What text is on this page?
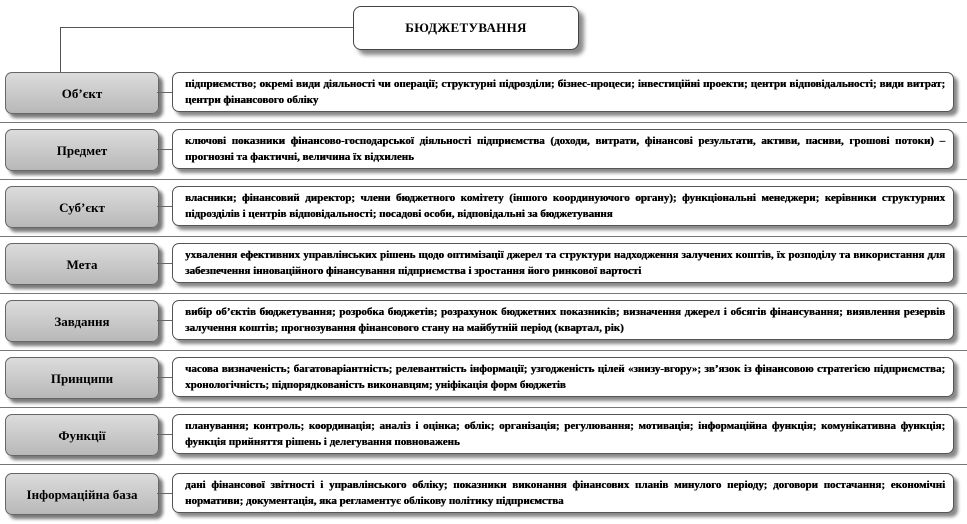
БЮДЖЕТУВАННЯ
Об’єкт
підприємство; окремі види діяльності чи операції; структурні підрозділи; бізнес-процеси; інвестиційні проекти; центри відповідальності; види витрат; центри фінансового обліку
Предмет
ключові показники фінансово-господарської діяльності підприємства (доходи, витрати, фінансові результати, активи, пасиви, грошові потоки) – прогнозні та фактичні, величина їх відхилень
Суб’єкт
власники; фінансовий директор; члени бюджетного комітету (іншого координуючого органу); функціональні менеджери; керівники структурних підрозділів і центрів відповідальності; посадові особи, відповідальні за бюджетування
Мета
ухвалення ефективних управлінських рішень щодо оптимізації джерел та структури надходження залучених коштів, їх розподілу та використання для забезпечення інноваційного фінансування підприємства і зростання його ринкової вартості
Завдання
вибір об’єктів бюджетування; розробка бюджетів; розрахунок бюджетних показників; визначення джерел і обсягів фінансування; виявлення резервів залучення коштів; прогнозування фінансового стану на майбутній період (квартал, рік)
Принципи
часова визначеність; багатоваріантність; релевантність інформації; узгодженість цілей «знизу-вгору»; зв’язок із фінансовою стратегією підприємства; хронологічність; підпорядкованість виконавцям; уніфікація форм бюджетів
Функції
планування; контроль; координація; аналіз і оцінка; облік; організація; регулювання; мотивація; інформаційна функція; комунікативна функція; функція прийняття рішень і делегування повноважень
Інформаційна база
дані фінансової звітності і управлінського обліку; показники виконання фінансових планів минулого періоду; договори постачання; економічні нормативи; документація, яка регламентує облікову політику підприємства
